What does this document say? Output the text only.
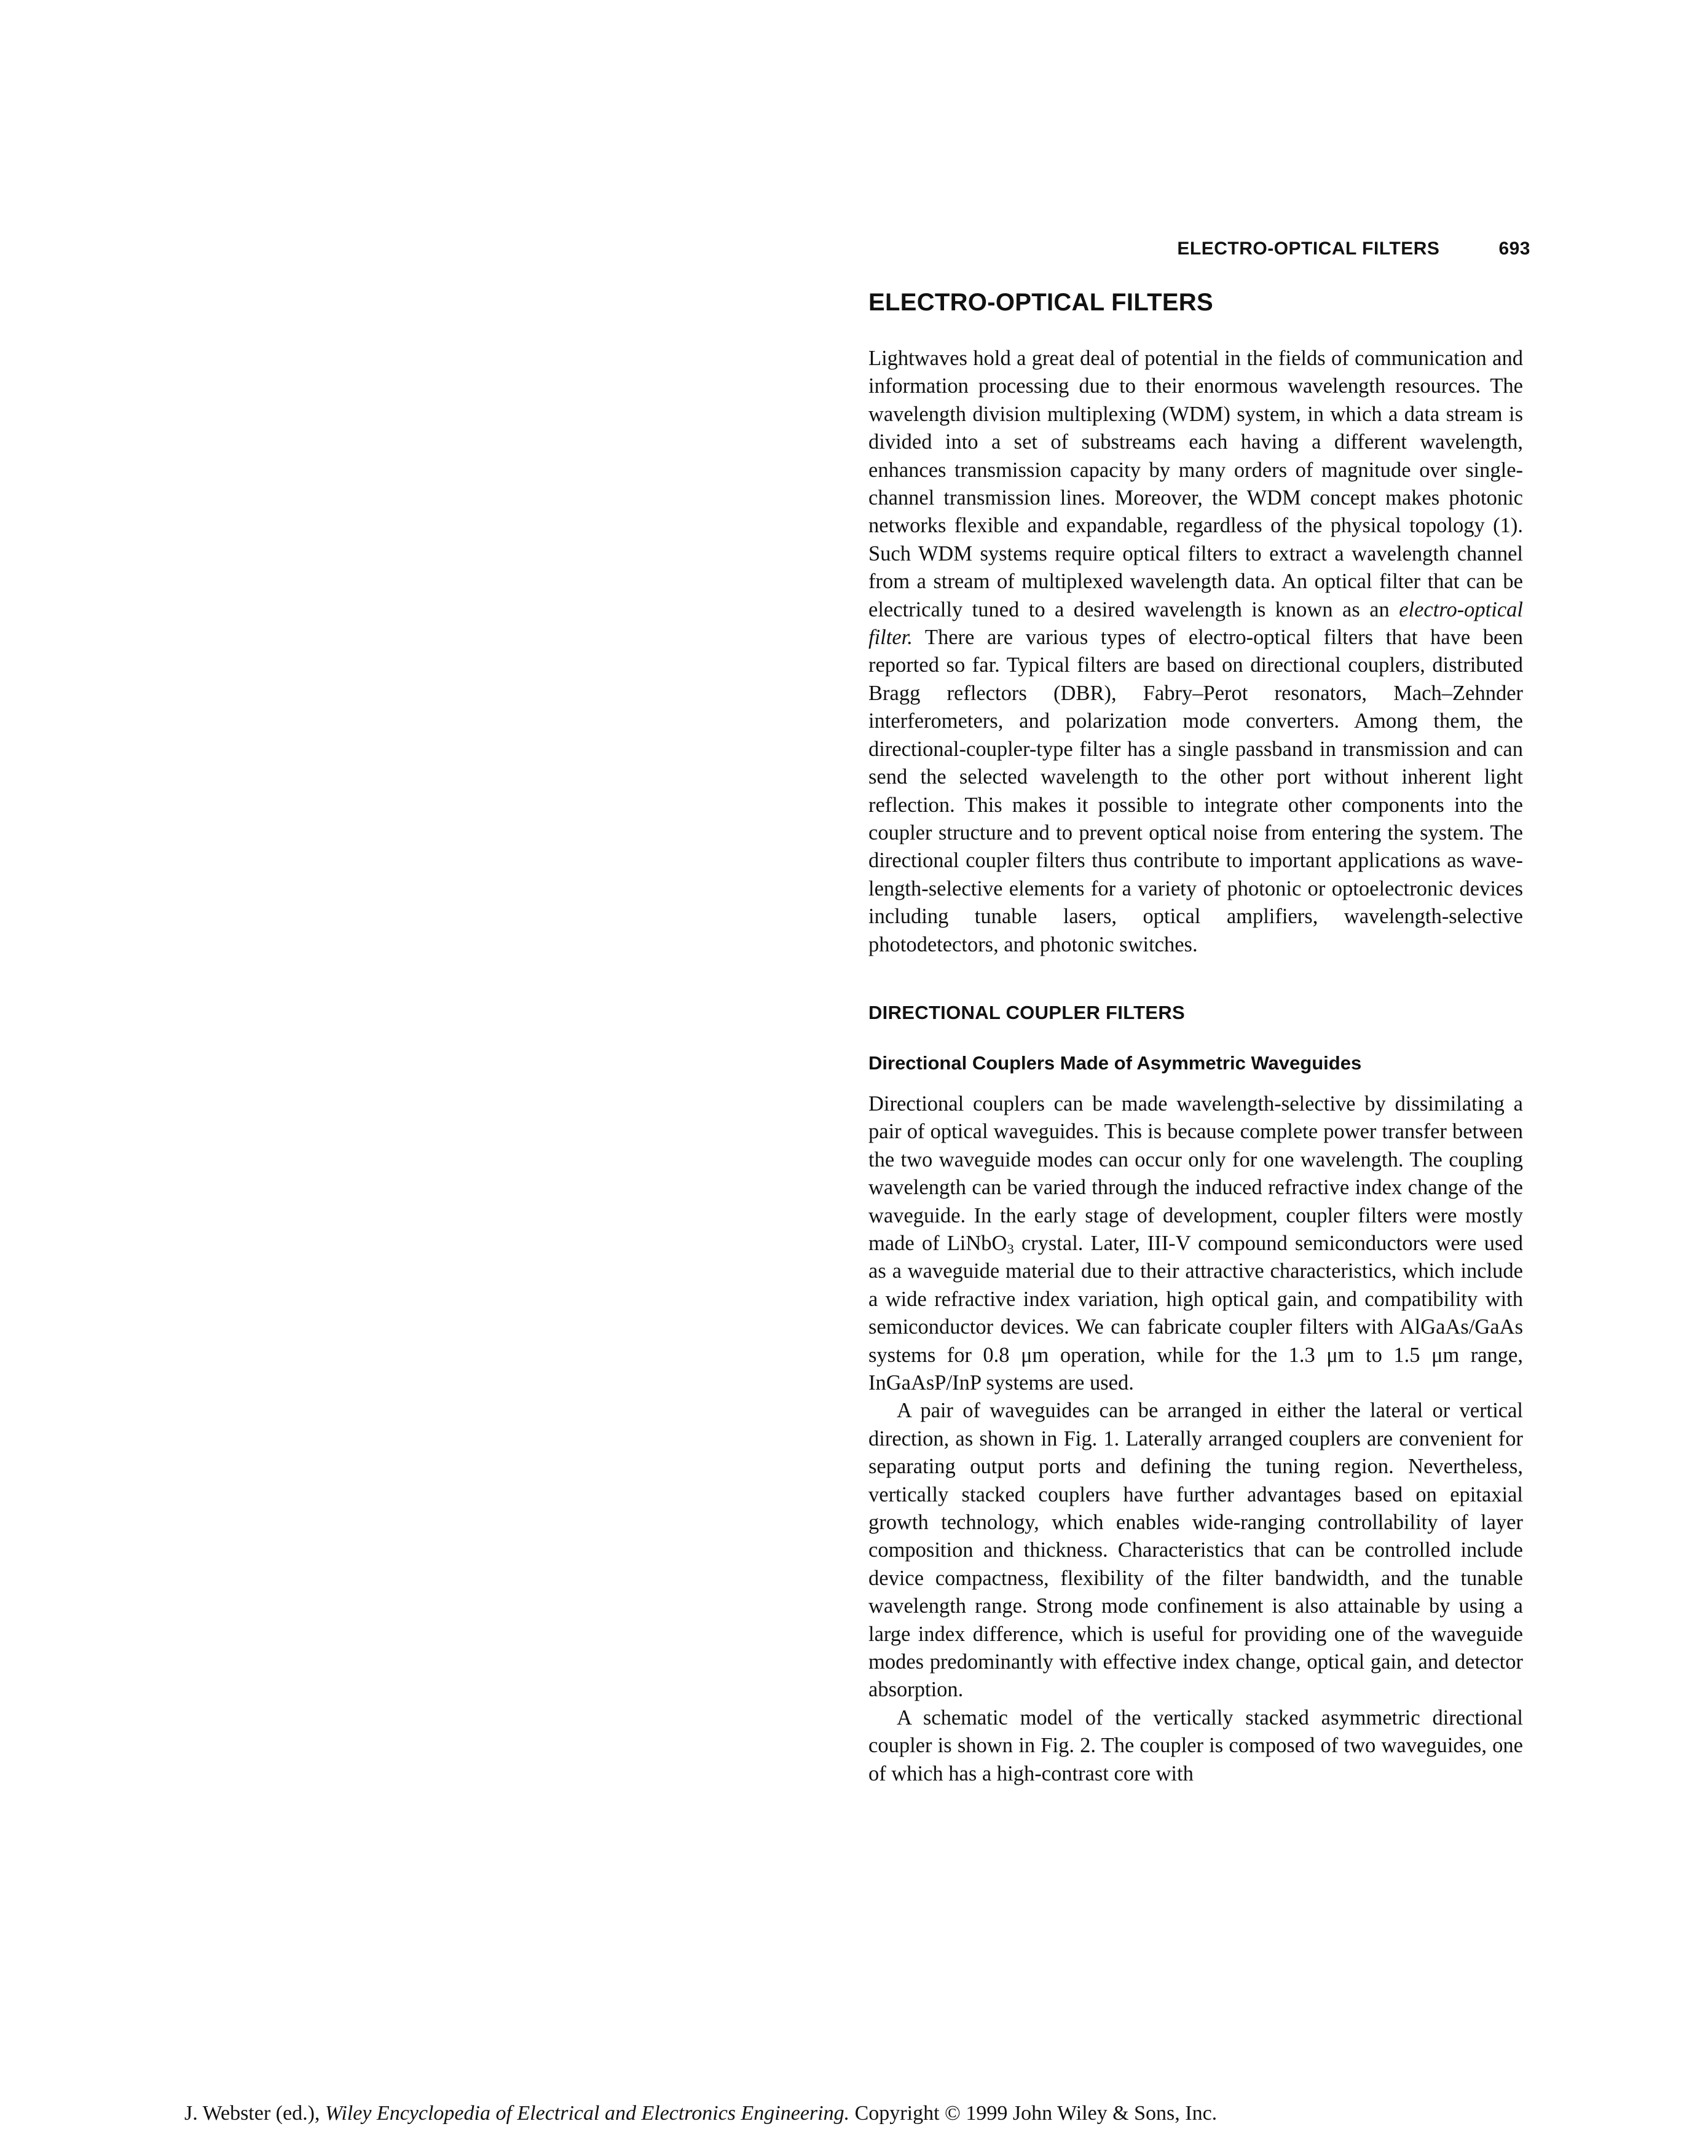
ELECTRO-OPTICAL FILTERS	693
ELECTRO-OPTICAL FILTERS

Lightwaves hold a great deal of potential in the fields of communication and information processing due to their enormous wavelength resources. The wavelength division multiplexing (WDM) system, in which a data stream is divided into a set of substreams each having a different wavelength, enhances transmission capacity by many orders of magnitude over single-channel transmission lines. Moreover, the WDM concept makes photonic networks flexible and expandable, regardless of the physical topology (1). Such WDM systems require optical filters to extract a wavelength channel from a stream of multiplexed wavelength data. An optical filter that can be electrically tuned to a desired wavelength is known as an electro-optical filter. There are various types of electro-optical filters that have been reported so far. Typical filters are based on directional couplers, distributed Bragg reflectors (DBR), Fabry–Perot resonators, Mach–Zehnder interferometers, and polarization mode converters. Among them, the directional-coupler-type filter has a single passband in transmission and can send the selected wavelength to the other port without inherent light reflection. This makes it possible to integrate other components into the coupler structure and to prevent optical noise from entering the system. The directional coupler filters thus contribute to important applications as wavelength-selective elements for a variety of photonic or optoelectronic devices including tunable lasers, optical amplifiers, wavelength-selective photodetectors, and photonic switches.

DIRECTIONAL COUPLER FILTERS
Directional Couplers Made of Asymmetric Waveguides

Directional couplers can be made wavelength-selective by dissimilating a pair of optical waveguides. This is because complete power transfer between the two waveguide modes can occur only for one wavelength. The coupling wavelength can be varied through the induced refractive index change of the waveguide. In the early stage of development, coupler filters were mostly made of LiNbO$_3$ crystal. Later, III-V compound semiconductors were used as a waveguide material due to their attractive characteristics, which include a wide refractive index variation, high optical gain, and compatibility with semiconductor devices. We can fabricate coupler filters with AlGaAs/GaAs systems for 0.8 μm operation, while for the 1.3 μm to 1.5 μm range, InGaAsP/InP systems are used.

A pair of waveguides can be arranged in either the lateral or vertical direction, as shown in Fig. 1. Laterally arranged couplers are convenient for separating output ports and defining the tuning region. Nevertheless, vertically stacked couplers have further advantages based on epitaxial growth technology, which enables wide-ranging controllability of layer composition and thickness. Characteristics that can be controlled include device compactness, flexibility of the filter bandwidth, and the tunable wavelength range. Strong mode confinement is also attainable by using a large index difference, which is useful for providing one of the waveguide modes predominantly with effective index change, optical gain, and detector absorption.

A schematic model of the vertically stacked asymmetric directional coupler is shown in Fig. 2. The coupler is composed of two waveguides, one of which has a high-contrast core with

J. Webster (ed.), Wiley Encyclopedia of Electrical and Electronics Engineering. Copyright © 1999 John Wiley & Sons, Inc.
